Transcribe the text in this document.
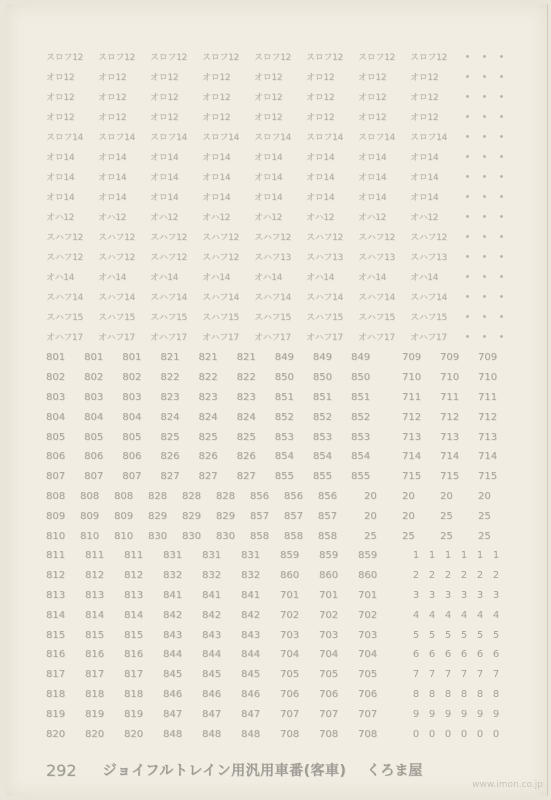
スロフ12	スロフ12	スロフ12	スロフ12	スロフ12	スロフ12	スロフ12	スロフ12
オロ12	オロ12	オロ12	オロ12	オロ12	オロ12	オロ12	オロ12
オロ12	オロ12	オロ12	オロ12	オロ12	オロ12	オロ12	オロ12
オロ12	オロ12	オロ12	オロ12	オロ12	オロ12	オロ12	オロ12
スロフ14	スロフ14	スロフ14	スロフ14	スロフ14	スロフ14	スロフ14	スロフ14
オロ14	オロ14	オロ14	オロ14	オロ14	オロ14	オロ14	オロ14
オロ14	オロ14	オロ14	オロ14	オロ14	オロ14	オロ14	オロ14
オロ14	オロ14	オロ14	オロ14	オロ14	オロ14	オロ14	オロ14
オハ12	オハ12	オハ12	オハ12	オハ12	オハ12	オハ12	オハ12
スハフ12	スハフ12	スハフ12	スハフ12	スハフ12	スハフ12	スハフ12	スハフ12
スハフ12	スハフ12	スハフ12	スハフ12	スハフ13	スハフ13	スハフ13	スハフ13
オハ14	オハ14	オハ14	オハ14	オハ14	オハ14	オハ14	オハ14
スハフ14	スハフ14	スハフ14	スハフ14	スハフ14	スハフ14	スハフ14	スハフ14
スハフ15	スハフ15	スハフ15	スハフ15	スハフ15	スハフ15	スハフ15	スハフ15
オハフ17	オハフ17	オハフ17	オハフ17	オハフ17	オハフ17	オハフ17	オハフ17
801	801	801	821	821	821	849	849	849	709	709	709
802	802	802	822	822	822	850	850	850	710	710	710
803	803	803	823	823	823	851	851	851	711	711	711
804	804	804	824	824	824	852	852	852	712	712	712
805	805	805	825	825	825	853	853	853	713	713	713
806	806	806	826	826	826	854	854	854	714	714	714
807	807	807	827	827	827	855	855	855	715	715	715
808	808	808	828	828	828	856	856	856	20	20	20	20
809	809	809	829	829	829	857	857	857	20	20	25	25
810	810	810	830	830	830	858	858	858	25	25	25	25
811	811	811	831	831	831	859	859	859	1 1 1 1 1 1
812	812	812	832	832	832	860	860	860	2 2 2 2 2 2
813	813	813	841	841	841	701	701	701	3 3 3 3 3 3
814	814	814	842	842	842	702	702	702	4 4 4 4 4 4
815	815	815	843	843	843	703	703	703	5 5 5 5 5 5
816	816	816	844	844	844	704	704	704	6 6 6 6 6 6
817	817	817	845	845	845	705	705	705	7 7 7 7 7 7
818	818	818	846	846	846	706	706	706	8 8 8 8 8 8
819	819	819	847	847	847	707	707	707	9 9 9 9 9 9
820	820	820	848	848	848	708	708	708	0 0 0 0 0 0
292 ジョイフルトレイン用汎用車番(客車) くろま屋
www.imon.co.jp
